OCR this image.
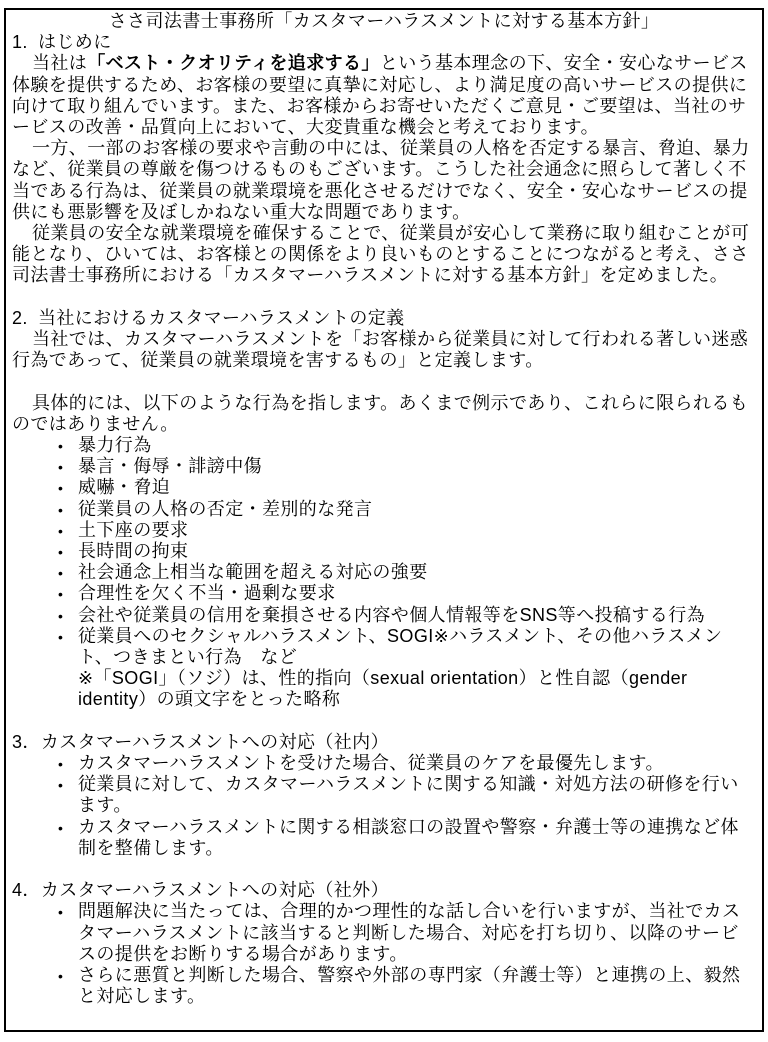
ささ司法書士事務所「カスタマーハラスメントに対する基本方針」
1. はじめに

当社は「ベスト・クオリティを追求する」という基本理念の下、安全・安心なサービス体験を提供するため、お客様の要望に真摯に対応し、より満足度の高いサービスの提供に向けて取り組んでいます。また、お客様からお寄せいただくご意見・ご要望は、当社のサービスの改善・品質向上において、大変貴重な機会と考えております。

一方、一部のお客様の要求や言動の中には、従業員の人格を否定する暴言、脅迫、暴力など、従業員の尊厳を傷つけるものもございます。こうした社会通念に照らして著しく不当である行為は、従業員の就業環境を悪化させるだけでなく、安全・安心なサービスの提供にも悪影響を及ぼしかねない重大な問題であります。

従業員の安全な就業環境を確保することで、従業員が安心して業務に取り組むことが可能となり、ひいては、お客様との関係をより良いものとすることにつながると考え、ささ司法書士事務所における「カスタマーハラスメントに対する基本方針」を定めました。

2. 当社におけるカスタマーハラスメントの定義

当社では、カスタマーハラスメントを「お客様から従業員に対して行われる著しい迷惑行為であって、従業員の就業環境を害するもの」と定義します。

具体的には、以下のような行為を指します。あくまで例示であり、これらに限られるものではありません。

• 暴力行為
• 暴言・侮辱・誹謗中傷
• 威嚇・脅迫
• 従業員の人格の否定・差別的な発言
• 土下座の要求
• 長時間の拘束
• 社会通念上相当な範囲を超える対応の強要
• 合理性を欠く不当・過剰な要求
• 会社や従業員の信用を棄損させる内容や個人情報等をSNS等へ投稿する行為
• 従業員へのセクシャルハラスメント、SOGI※ハラスメント、その他ハラスメント、つきまとい行為　など
※「SOGI」（ソジ）は、性的指向（sexual orientation）と性自認（gender identity）の頭文字をとった略称
3． カスタマーハラスメントへの対応（社内）
• カスタマーハラスメントを受けた場合、従業員のケアを最優先します。
• 従業員に対して、カスタマーハラスメントに関する知識・対処方法の研修を行います。
• カスタマーハラスメントに関する相談窓口の設置や警察・弁護士等の連携など体制を整備します。
4． カスタマーハラスメントへの対応（社外）
• 問題解決に当たっては、合理的かつ理性的な話し合いを行いますが、当社でカスタマーハラスメントに該当すると判断した場合、対応を打ち切り、以降のサービスの提供をお断りする場合があります。
• さらに悪質と判断した場合、警察や外部の専門家（弁護士等）と連携の上、毅然と対応します。
